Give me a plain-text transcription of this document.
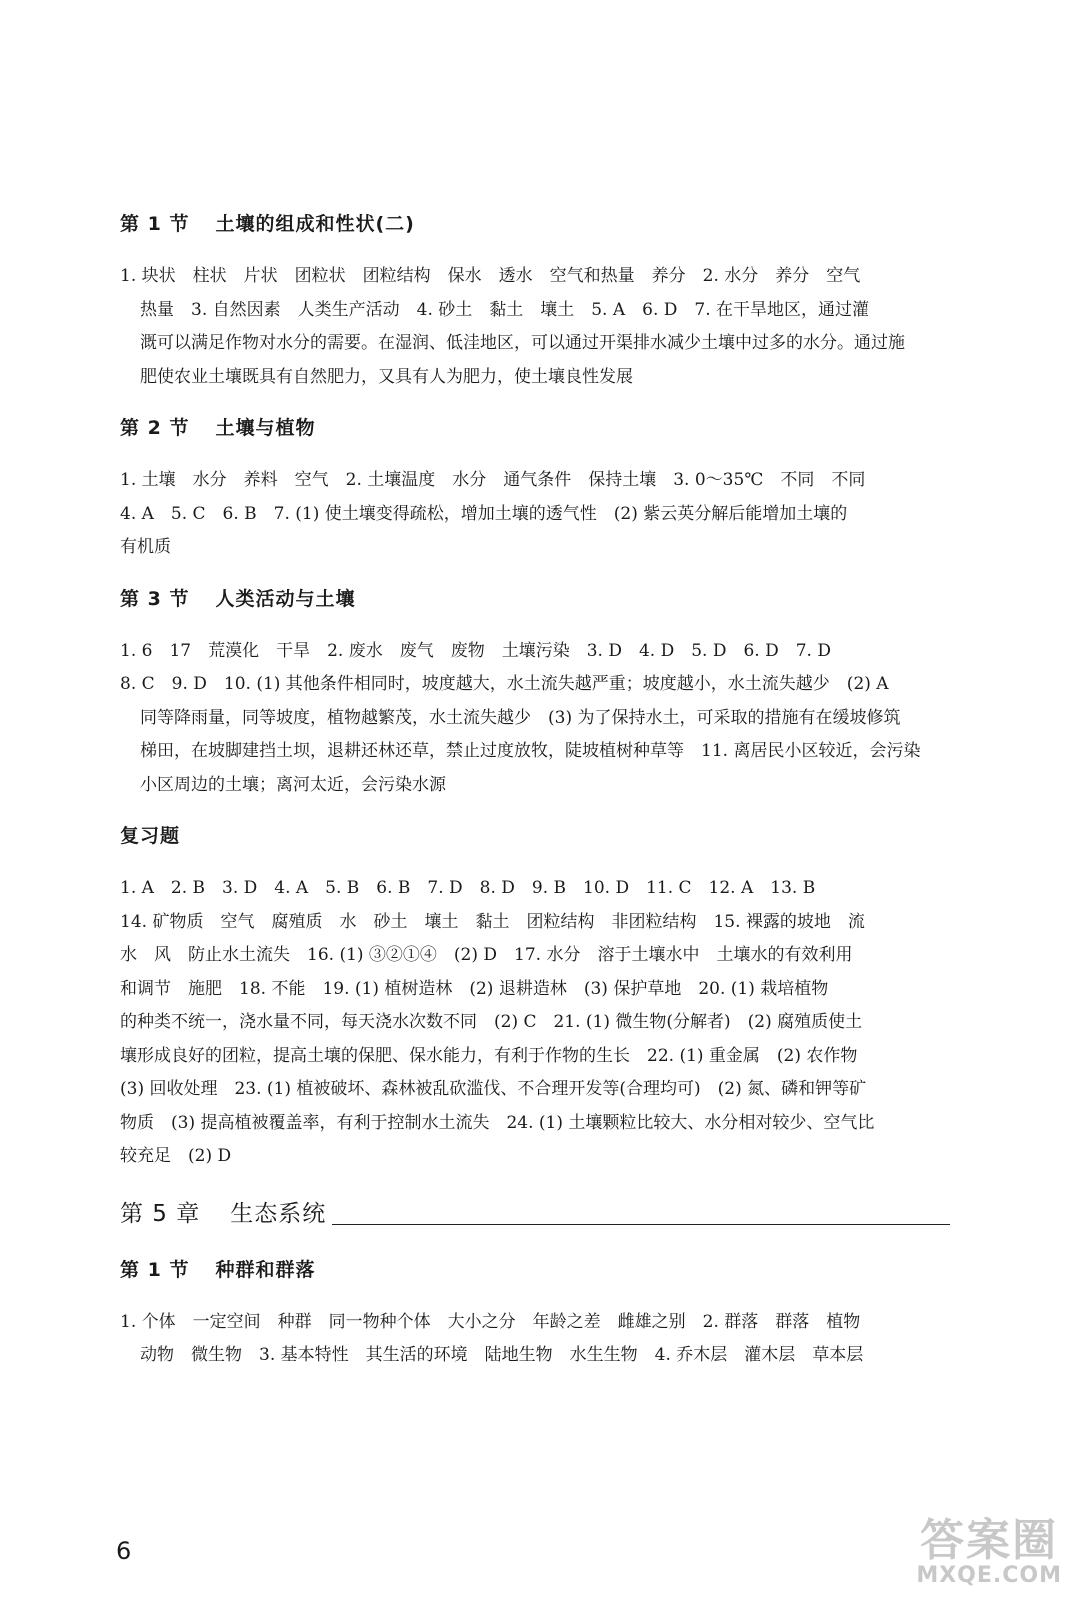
第 1 节 土壤的组成和性状(二)
1. 块状　柱状　片状　团粒状　团粒结构　保水　透水　空气和热量　养分　2. 水分　养分　空气
热量　3. 自然因素　人类生产活动　4. 砂土　黏土　壤土　5. A　6. D　7. 在干旱地区，通过灌
溉可以满足作物对水分的需要。在湿润、低洼地区，可以通过开渠排水减少土壤中过多的水分。通过施
肥使农业土壤既具有自然肥力，又具有人为肥力，使土壤良性发展
第 2 节 土壤与植物
1. 土壤　水分　养料　空气　2. 土壤温度　水分　通气条件　保持土壤　3. 0～35℃　不同　不同
4. A　5. C　6. B　7. (1) 使土壤变得疏松，增加土壤的透气性　(2) 紫云英分解后能增加土壤的
有机质
第 3 节 人类活动与土壤
1. 6　17　荒漠化　干旱　2. 废水　废气　废物　土壤污染　3. D　4. D　5. D　6. D　7. D
8. C　9. D　10. (1) 其他条件相同时，坡度越大，水土流失越严重；坡度越小，水土流失越少　(2) A
同等降雨量，同等坡度，植物越繁茂，水土流失越少　(3) 为了保持水土，可采取的措施有在缓坡修筑
梯田，在坡脚建挡土坝，退耕还林还草，禁止过度放牧，陡坡植树种草等　11. 离居民小区较近，会污染
小区周边的土壤；离河太近，会污染水源
复习题
1. A　2. B　3. D　4. A　5. B　6. B　7. D　8. D　9. B　10. D　11. C　12. A　13. B
14. 矿物质　空气　腐殖质　水　砂土　壤土　黏土　团粒结构　非团粒结构　15. 裸露的坡地　流
水　风　防止水土流失　16. (1) ③②①④　(2) D　17. 水分　溶于土壤水中　土壤水的有效利用
和调节　施肥　18. 不能　19. (1) 植树造林　(2) 退耕造林　(3) 保护草地　20. (1) 栽培植物
的种类不统一，浇水量不同，每天浇水次数不同　(2) C　21. (1) 微生物(分解者)　(2) 腐殖质使土
壤形成良好的团粒，提高土壤的保肥、保水能力，有利于作物的生长　22. (1) 重金属　(2) 农作物
(3) 回收处理　23. (1) 植被破坏、森林被乱砍滥伐、不合理开发等(合理均可)　(2) 氮、磷和钾等矿
物质　(3) 提高植被覆盖率，有利于控制水土流失　24. (1) 土壤颗粒比较大、水分相对较少、空气比
较充足　(2) D
第 5 章 生态系统
第 1 节 种群和群落
1. 个体　一定空间　种群　同一物种个体　大小之分　年龄之差　雌雄之别　2. 群落　群落　植物
动物　微生物　3. 基本特性　其生活的环境　陆地生物　水生生物　4. 乔木层　灌木层　草本层
6	答案圈
MXQE.COM
